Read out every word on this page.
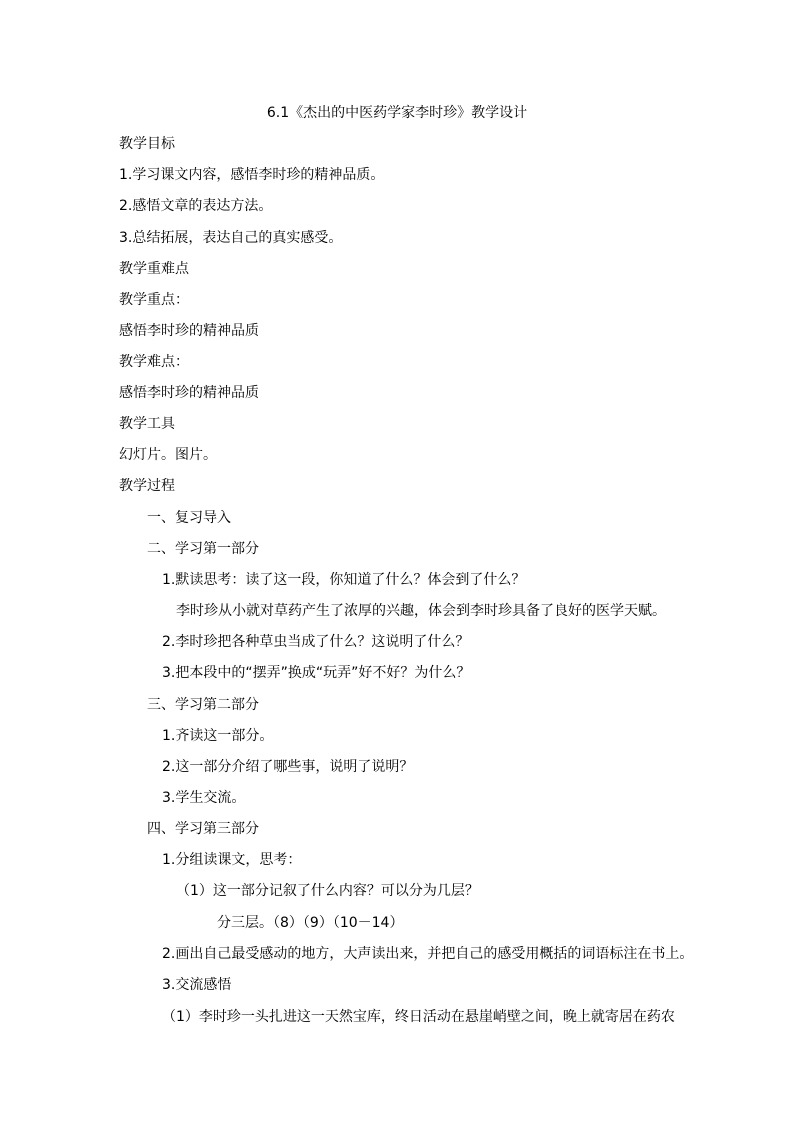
6.1《杰出的中医药学家李时珍》教学设计
教学目标
1.学习课文内容，感悟李时珍的精神品质。
2.感悟文章的表达方法。
3.总结拓展，表达自己的真实感受。
教学重难点
教学重点：
感悟李时珍的精神品质
教学难点：
感悟李时珍的精神品质
教学工具
幻灯片。图片。
教学过程
一、复习导入
二、学习第一部分
1.默读思考：读了这一段，你知道了什么？体会到了什么？
李时珍从小就对草药产生了浓厚的兴趣，体会到李时珍具备了良好的医学天赋。
2.李时珍把各种草虫当成了什么？这说明了什么？
3.把本段中的“摆弄”换成“玩弄”好不好？为什么？
三、学习第二部分
1.齐读这一部分。
2.这一部分介绍了哪些事，说明了说明？
3.学生交流。
四、学习第三部分
1.分组读课文，思考：
（1）这一部分记叙了什么内容？可以分为几层？
分三层。（8）（9）（10－14）
2.画出自己最受感动的地方，大声读出来，并把自己的感受用概括的词语标注在书上。
3.交流感悟
（1）李时珍一头扎进这一天然宝库，终日活动在悬崖峭壁之间，晚上就寄居在药农
